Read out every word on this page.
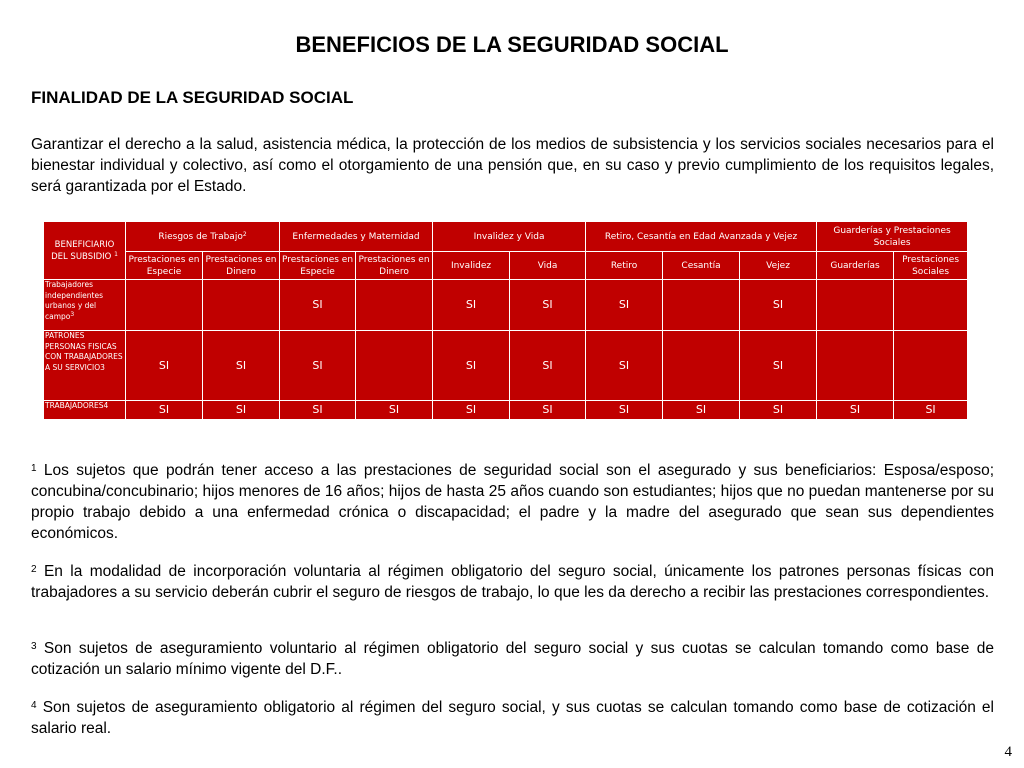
BENEFICIOS DE LA SEGURIDAD SOCIAL
FINALIDAD DE LA SEGURIDAD SOCIAL
Garantizar el derecho a la salud, asistencia médica, la protección de los medios de subsistencia y los servicios sociales necesarios para el bienestar individual y colectivo, así como el otorgamiento de una pensión que, en su caso y previo cumplimiento de los requisitos legales, será garantizada por el Estado.
BENEFICIARIO DEL SUBSIDIO $^1$	Riesgos de Trabajo$^2$		Enfermedades y Maternidad		Invalidez y Vida		Retiro, Cesantía en Edad Avanzada y Vejez			Guarderías y Prestaciones Sociales	
	Prestaciones en Especie	Prestaciones en Dinero	Prestaciones en Especie	Prestaciones en Dinero	Invalidez	Vida	Retiro	Cesantía	Vejez	Guarderías	Prestaciones Sociales
Trabajadores independientes urbanos y del campo$^3$			SI		SI	SI	SI		SI		
PATRONES PERSONAS FISICAS CON TRABAJADORES A SU SERVICIO3	SI	SI	SI		SI	SI	SI		SI		
TRABAJADORES4	SI	SI	SI	SI	SI	SI	SI	SI	SI	SI	SI
$^1$ Los sujetos que podrán tener acceso a las prestaciones de seguridad social son el asegurado y sus beneficiarios: Esposa/esposo; concubina/concubinario; hijos menores de 16 años; hijos de hasta 25 años cuando son estudiantes; hijos que no puedan mantenerse por su propio trabajo debido a una enfermedad crónica o discapacidad; el padre y la madre del asegurado que sean sus dependientes económicos.
$^2$ En la modalidad de incorporación voluntaria al régimen obligatorio del seguro social, únicamente los patrones personas físicas con trabajadores a su servicio deberán cubrir el seguro de riesgos de trabajo, lo que les da derecho a recibir las prestaciones correspondientes.
$^3$ Son sujetos de aseguramiento voluntario al régimen obligatorio del seguro social y sus cuotas se calculan tomando como base de cotización un salario mínimo vigente del D.F..
$^4$ Son sujetos de aseguramiento obligatorio al régimen del seguro social, y sus cuotas se calculan tomando como base de cotización el salario real.
4
